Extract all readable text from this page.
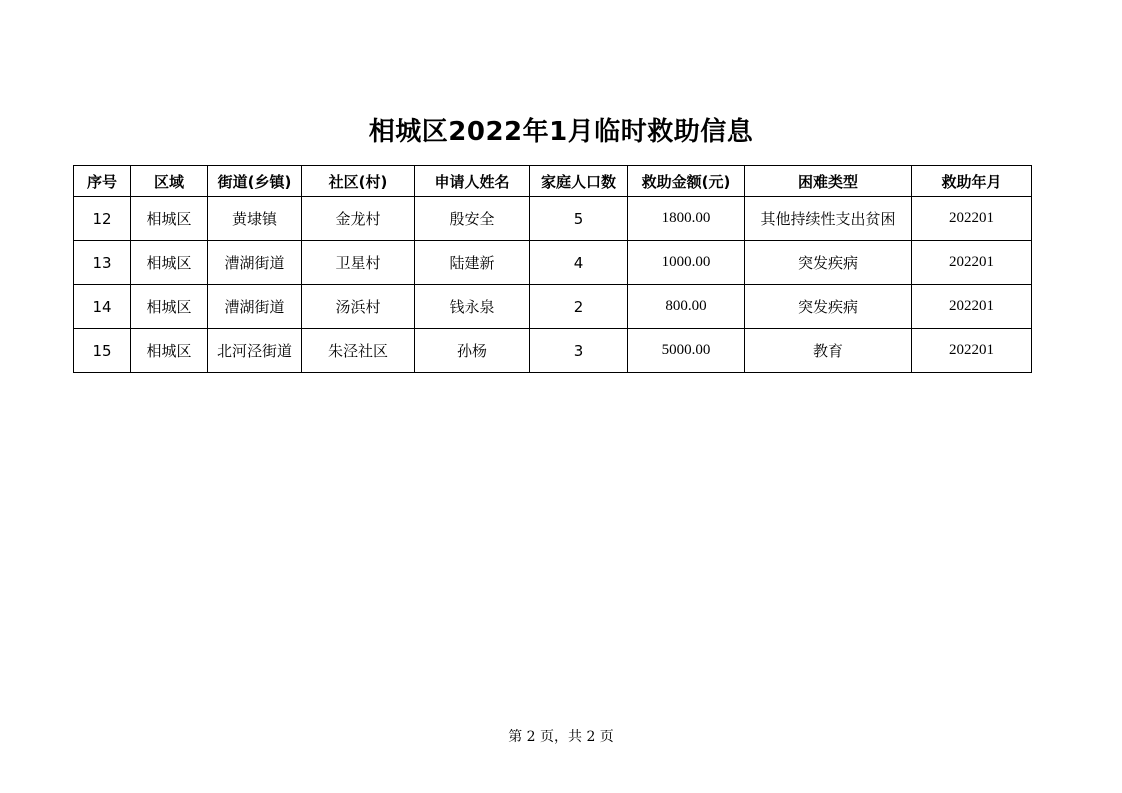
相城区2022年1月临时救助信息
序号	区域	街道(乡镇)	社区(村)	申请人姓名	家庭人口数	救助金额(元)	困难类型	救助年月
12	相城区	黄埭镇	金龙村	殷安全	5	1800.00	其他持续性支出贫困	202201
13	相城区	漕湖街道	卫星村	陆建新	4	1000.00	突发疾病	202201
14	相城区	漕湖街道	汤浜村	钱永泉	2	800.00	突发疾病	202201
15	相城区	北河泾街道	朱泾社区	孙杨	3	5000.00	教育	202201
第 2 页，共 2 页
